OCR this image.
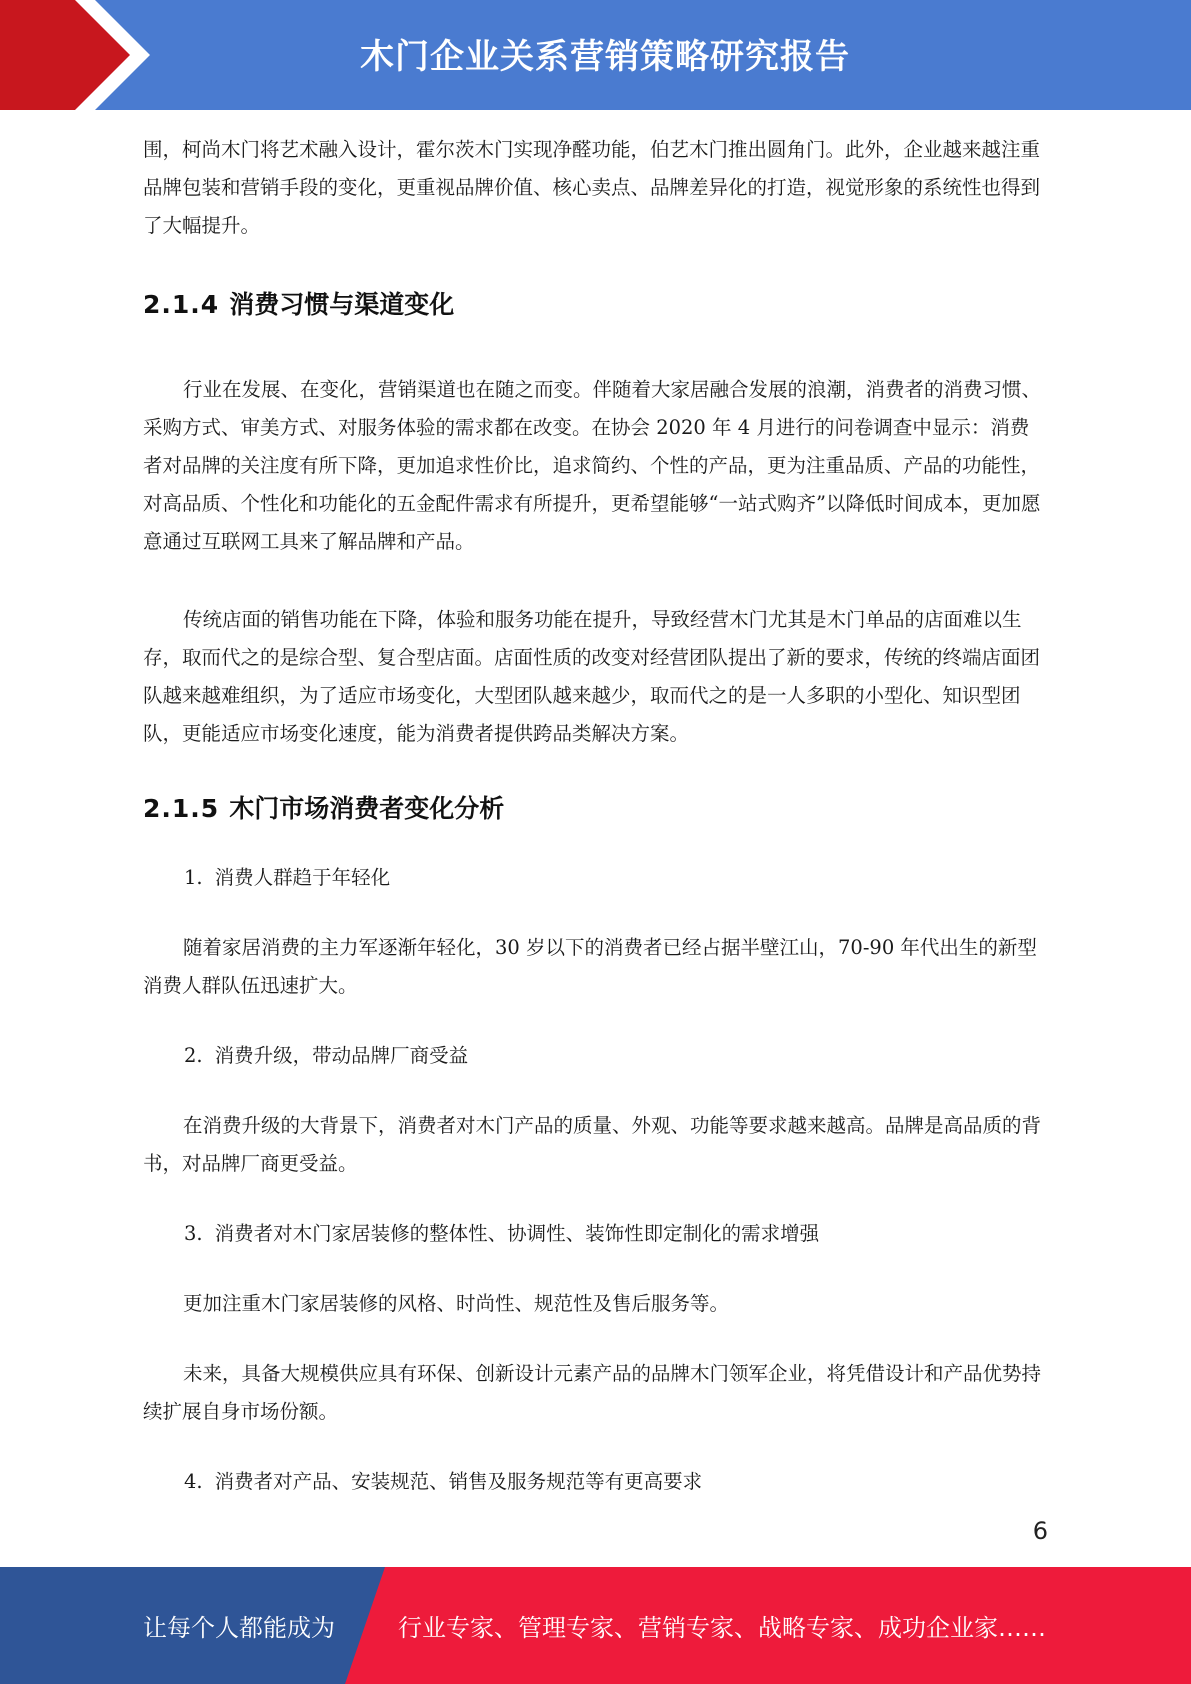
木门企业关系营销策略研究报告

围，柯尚木门将艺术融入设计，霍尔茨木门实现净醛功能，伯艺木门推出圆角门。此外，企业越来越注重品牌包装和营销手段的变化，更重视品牌价值、核心卖点、品牌差异化的打造，视觉形象的系统性也得到了大幅提升。

2.1.4 消费习惯与渠道变化

行业在发展、在变化，营销渠道也在随之而变。伴随着大家居融合发展的浪潮，消费者的消费习惯、采购方式、审美方式、对服务体验的需求都在改变。在协会 2020 年 4 月进行的问卷调查中显示：消费者对品牌的关注度有所下降，更加追求性价比，追求简约、个性的产品，更为注重品质、产品的功能性，对高品质、个性化和功能化的五金配件需求有所提升，更希望能够“一站式购齐”以降低时间成本，更加愿意通过互联网工具来了解品牌和产品。

传统店面的销售功能在下降，体验和服务功能在提升，导致经营木门尤其是木门单品的店面难以生存，取而代之的是综合型、复合型店面。店面性质的改变对经营团队提出了新的要求，传统的终端店面团队越来越难组织，为了适应市场变化，大型团队越来越少，取而代之的是一人多职的小型化、知识型团队，更能适应市场变化速度，能为消费者提供跨品类解决方案。

2.1.5 木门市场消费者变化分析

1. 消费人群趋于年轻化

随着家居消费的主力军逐渐年轻化，30 岁以下的消费者已经占据半壁江山，70-90 年代出生的新型消费人群队伍迅速扩大。

2. 消费升级，带动品牌厂商受益

在消费升级的大背景下，消费者对木门产品的质量、外观、功能等要求越来越高。品牌是高品质的背书，对品牌厂商更受益。

3. 消费者对木门家居装修的整体性、协调性、装饰性即定制化的需求增强

更加注重木门家居装修的风格、时尚性、规范性及售后服务等。

未来，具备大规模供应具有环保、创新设计元素产品的品牌木门领军企业，将凭借设计和产品优势持续扩展自身市场份额。

4. 消费者对产品、安装规范、销售及服务规范等有更高要求

6
让每个人都能成为	行业专家、管理专家、营销专家、战略专家、成功企业家……
